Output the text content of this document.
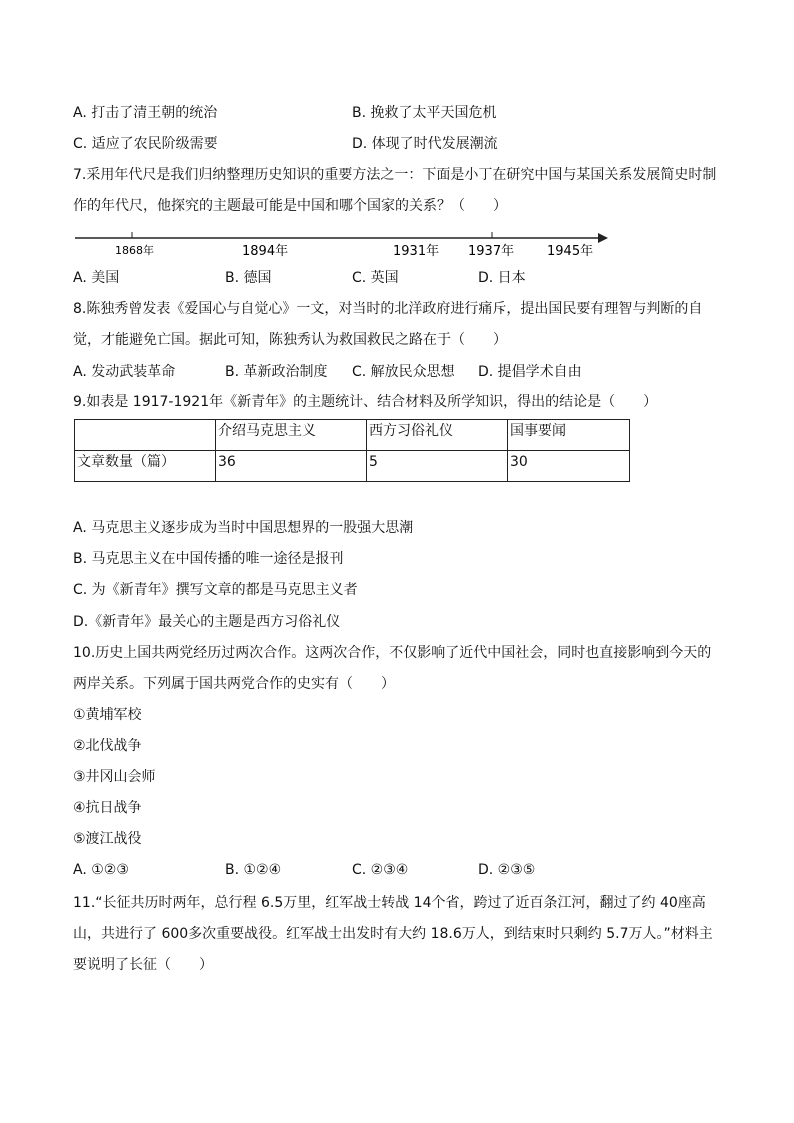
A. 打击了清王朝的统治	B. 挽救了太平天国危机
C. 适应了农民阶级需要	D. 体现了时代发展潮流
7.采用年代尺是我们归纳整理历史知识的重要方法之一：下面是小丁在研究中国与某国关系发展简史时制
作的年代尺，他探究的主题最可能是中国和哪个国家的关系？（　　）
1868年	1894年	1931年 1937年	1945年
A. 美国	B. 德国	C. 英国	D. 日本
8.陈独秀曾发表《爱国心与自觉心》一文，对当时的北洋政府进行痛斥，提出国民要有理智与判断的自
觉，才能避免亡国。据此可知，陈独秀认为救国救民之路在于（　　）
A. 发动武装革命	B. 革新政治制度 C. 解放民众思想 D. 提倡学术自由
9.如表是 1917-1921年《新青年》的主题统计、结合材料及所学知识，得出的结论是（　　）
	介绍马克思主义	西方习俗礼仪	国事要闻
文章数量（篇）	36	5	30
A. 马克思主义逐步成为当时中国思想界的一股强大思潮
B. 马克思主义在中国传播的唯一途径是报刊
C. 为《新青年》撰写文章的都是马克思主义者
D.《新青年》最关心的主题是西方习俗礼仪
10.历史上国共两党经历过两次合作。这两次合作，不仅影响了近代中国社会，同时也直接影响到今天的
两岸关系。下列属于国共两党合作的史实有（　　）
①黄埔军校
②北伐战争
③井冈山会师
④抗日战争
⑤渡江战役
A. ①②③	B. ①②④	C. ②③④	D. ②③⑤
11.“长征共历时两年，总行程 6.5万里，红军战士转战 14个省，跨过了近百条江河，翻过了约 40座高
山，共进行了 600多次重要战役。红军战士出发时有大约 18.6万人，到结束时只剩约 5.7万人。”材料主
要说明了长征（　　）
